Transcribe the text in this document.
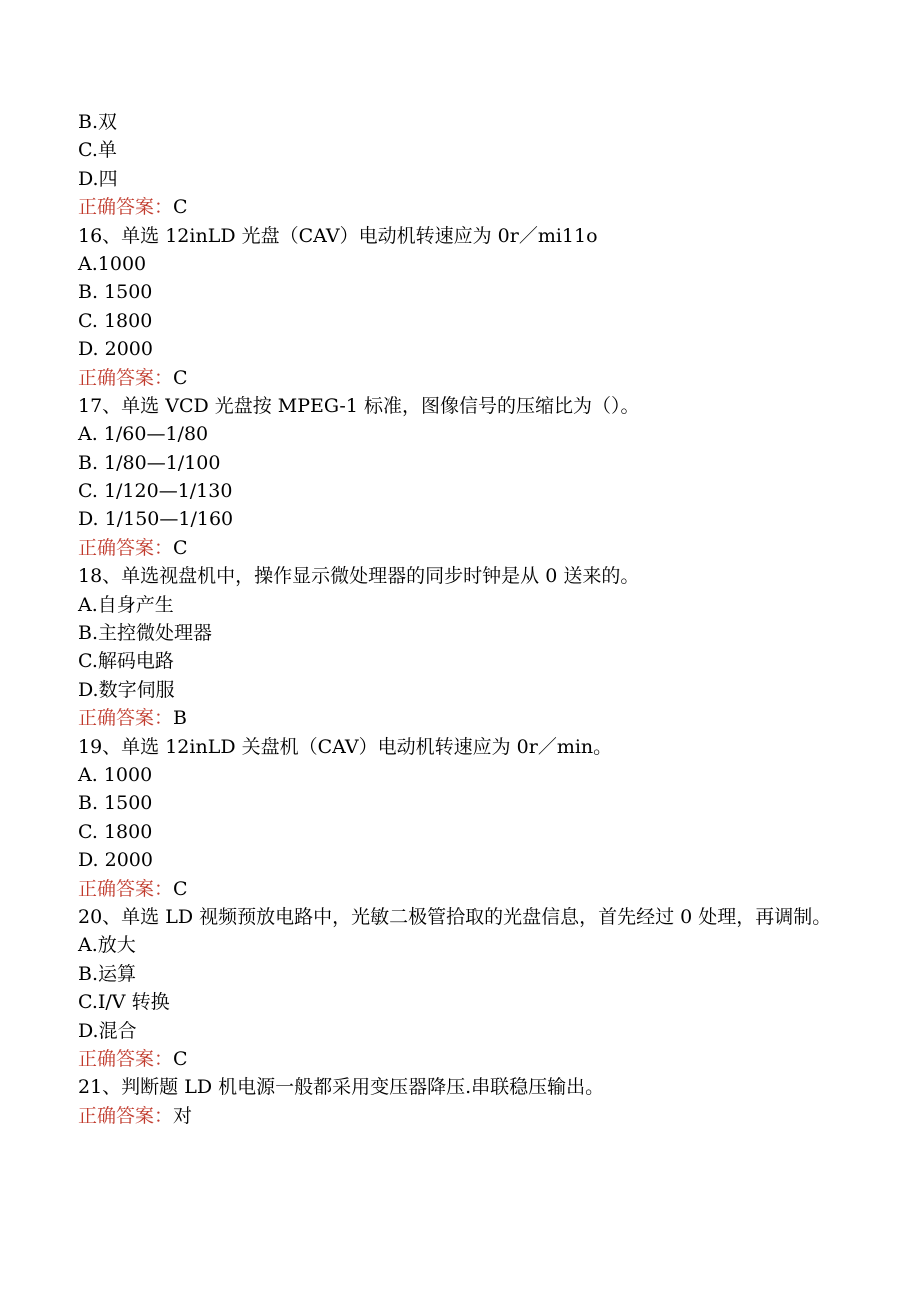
B.双
C.单
D.四
正确答案：C
16、单选 12inLD 光盘（CAV）电动机转速应为 0r／mi11o
A.1000
B. 1500
C. 1800
D. 2000
正确答案：C
17、单选 VCD 光盘按 MPEG-1 标准，图像信号的压缩比为（）。
A. 1/60—1/80
B. 1/80—1/100
C. 1/120—1/130
D. 1/150—1/160
正确答案：C
18、单选视盘机中，操作显示微处理器的同步时钟是从 0 送来的。
A.自身产生
B.主控微处理器
C.解码电路
D.数字伺服
正确答案：B
19、单选 12inLD 关盘机（CAV）电动机转速应为 0r／min。
A. 1000
B. 1500
C. 1800
D. 2000
正确答案：C
20、单选 LD 视频预放电路中，光敏二极管拾取的光盘信息，首先经过 0 处理，再调制。
A.放大
B.运算
C.I/V 转换
D.混合
正确答案：C
21、判断题 LD 机电源一般都采用变压器降压.串联稳压输出。
正确答案：对
